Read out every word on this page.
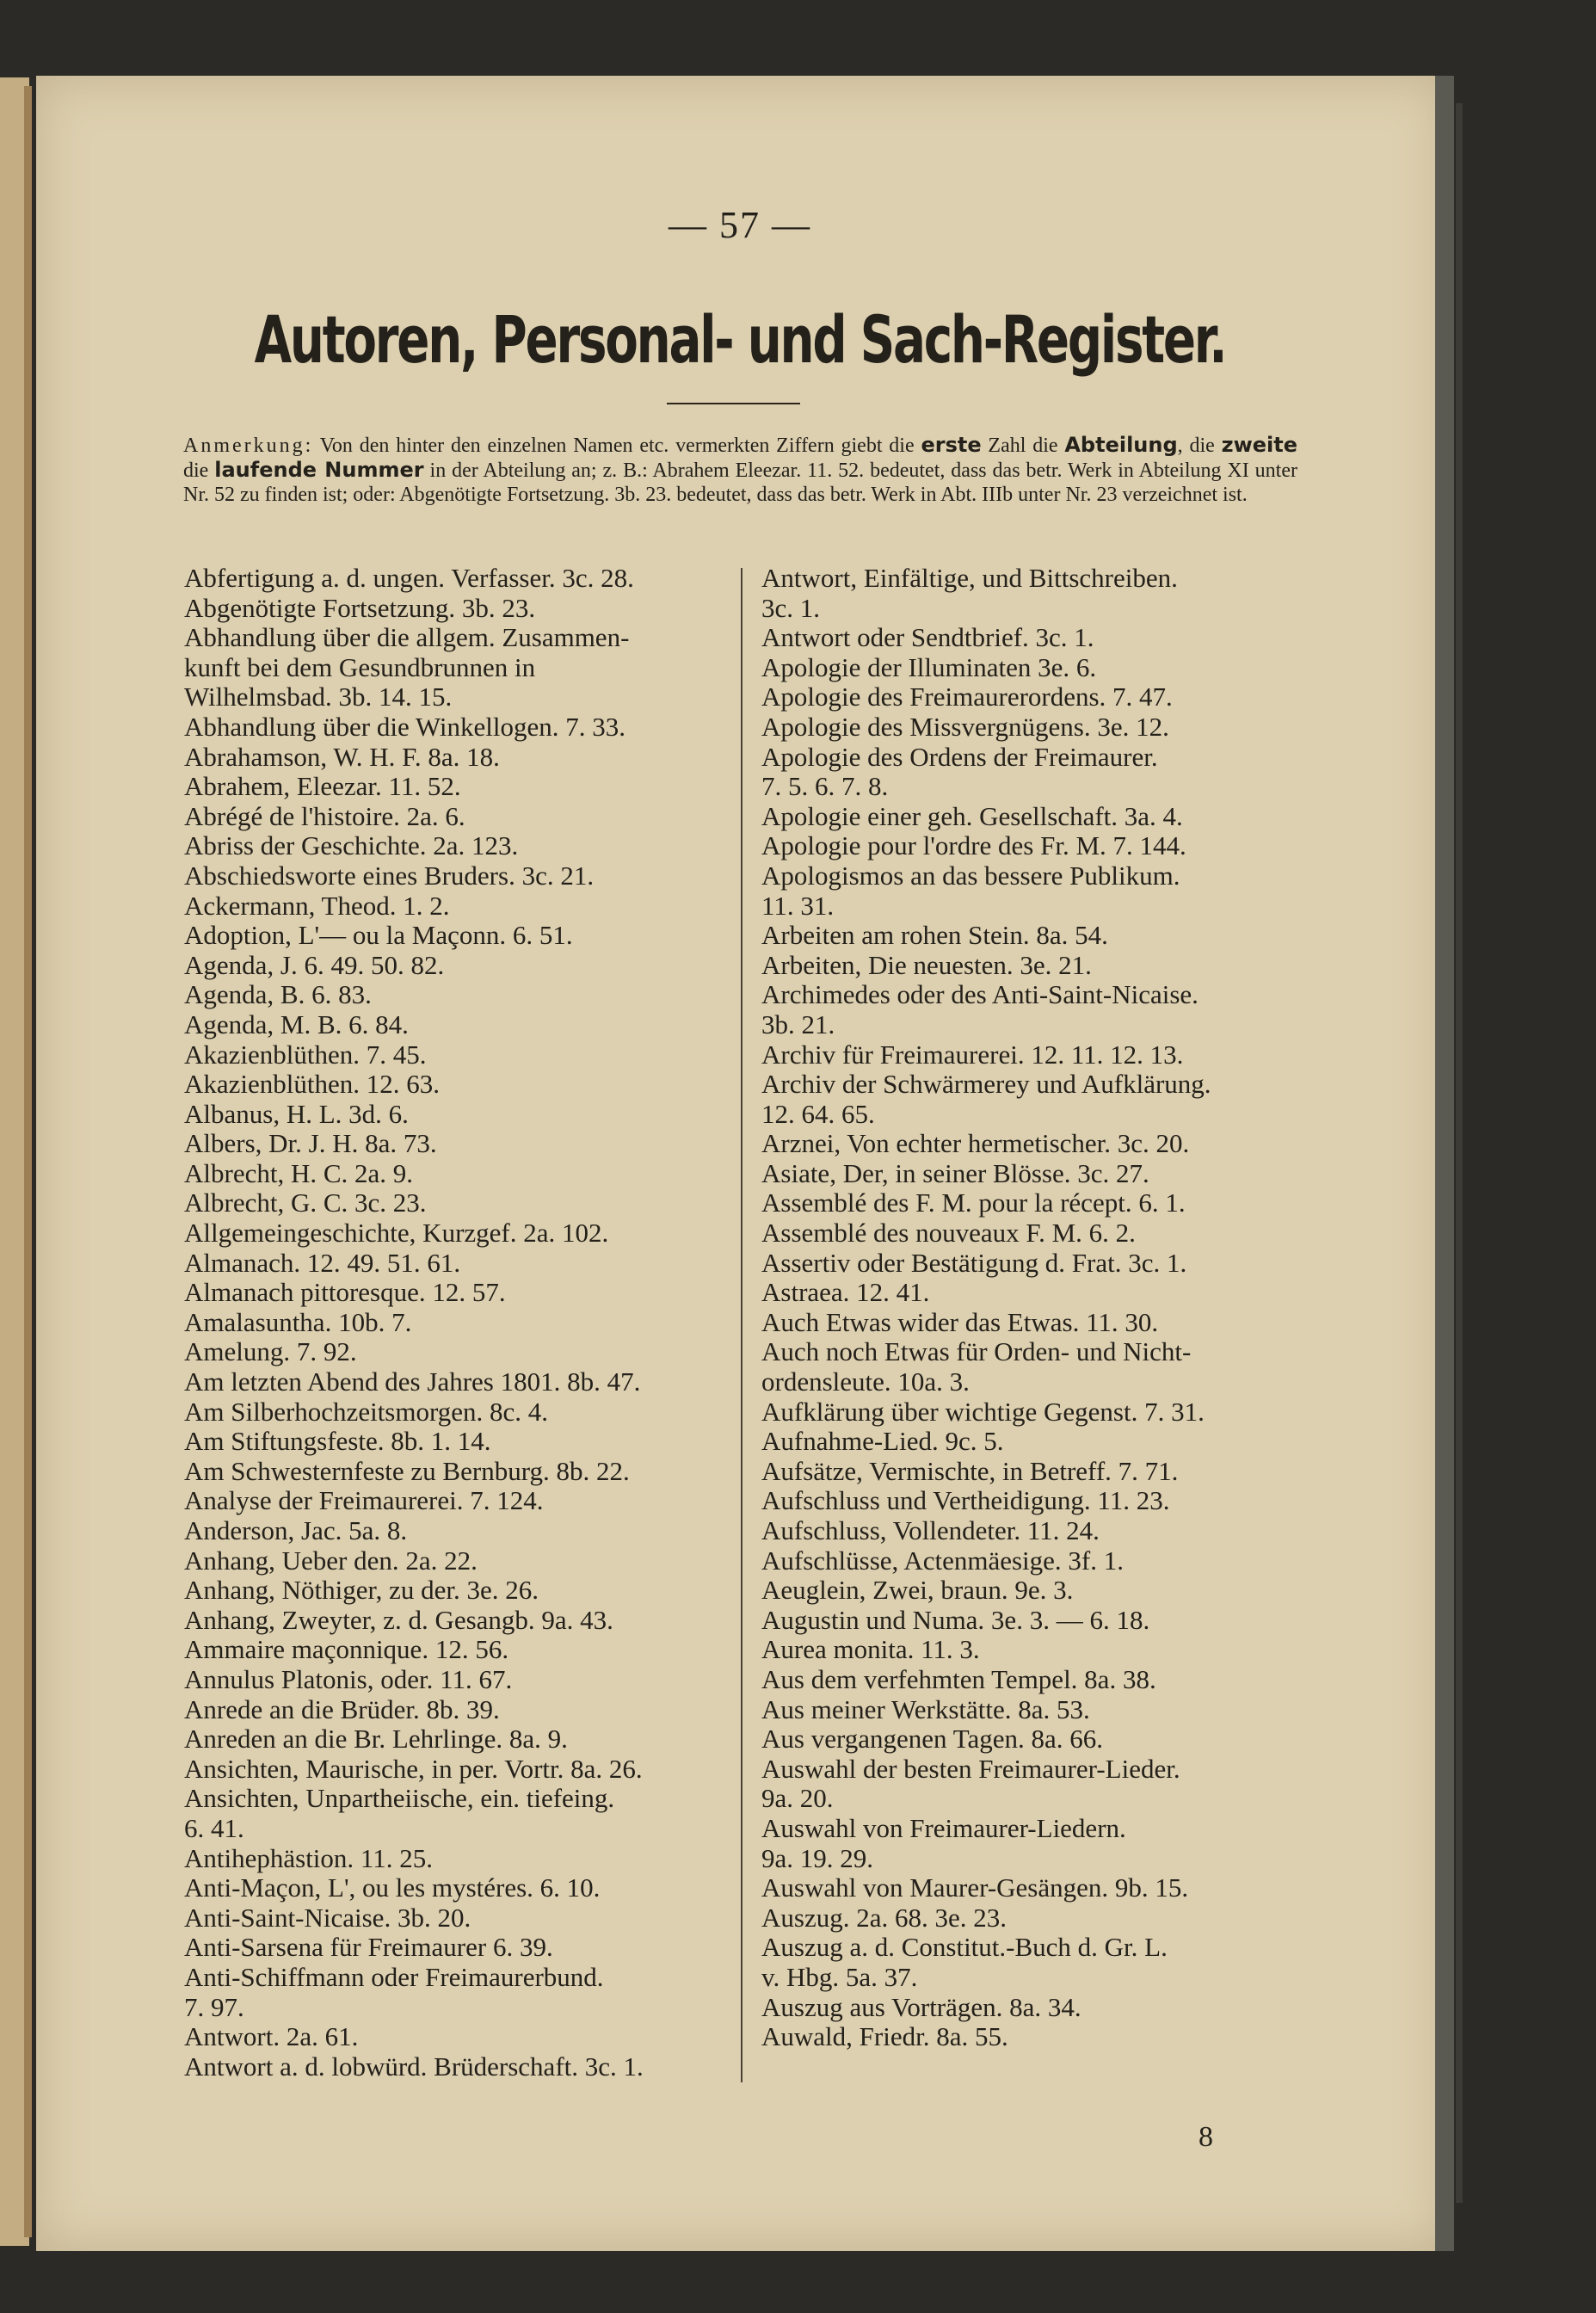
— 57 —
Autoren, Personal- und Sach-Register.
Anmerkung: Von den hinter den einzelnen Namen etc. vermerkten Ziffern giebt die erste Zahl die Abteilung, die zweite die laufende Nummer in der Abteilung an; z. B.: Abrahem Eleezar. 11. 52. bedeutet, dass das betr. Werk in Abteilung XI unter Nr. 52 zu finden ist; oder: Abgenötigte Fortsetzung. 3b. 23. bedeutet, dass das betr. Werk in Abt. IIIb unter Nr. 23 verzeichnet ist.
Abfertigung a. d. ungen. Verfasser. 3c. 28.
Abgenötigte Fortsetzung. 3b. 23.
Abhandlung über die allgem. Zusammen-
kunft bei dem Gesundbrunnen in
Wilhelmsbad. 3b. 14. 15.
Abhandlung über die Winkellogen. 7. 33.
Abrahamson, W. H. F. 8a. 18.
Abrahem, Eleezar. 11. 52.
Abrégé de l'histoire. 2a. 6.
Abriss der Geschichte. 2a. 123.
Abschiedsworte eines Bruders. 3c. 21.
Ackermann, Theod. 1. 2.
Adoption, L'— ou la Maçonn. 6. 51.
Agenda, J. 6. 49. 50. 82.
Agenda, B. 6. 83.
Agenda, M. B. 6. 84.
Akazienblüthen. 7. 45.
Akazienblüthen. 12. 63.
Albanus, H. L. 3d. 6.
Albers, Dr. J. H. 8a. 73.
Albrecht, H. C. 2a. 9.
Albrecht, G. C. 3c. 23.
Allgemeingeschichte, Kurzgef. 2a. 102.
Almanach. 12. 49. 51. 61.
Almanach pittoresque. 12. 57.
Amalasuntha. 10b. 7.
Amelung. 7. 92.
Am letzten Abend des Jahres 1801. 8b. 47.
Am Silberhochzeitsmorgen. 8c. 4.
Am Stiftungsfeste. 8b. 1. 14.
Am Schwesternfeste zu Bernburg. 8b. 22.
Analyse der Freimaurerei. 7. 124.
Anderson, Jac. 5a. 8.
Anhang, Ueber den. 2a. 22.
Anhang, Nöthiger, zu der. 3e. 26.
Anhang, Zweyter, z. d. Gesangb. 9a. 43.
Ammaire maçonnique. 12. 56.
Annulus Platonis, oder. 11. 67.
Anrede an die Brüder. 8b. 39.
Anreden an die Br. Lehrlinge. 8a. 9.
Ansichten, Maurische, in per. Vortr. 8a. 26.
Ansichten, Unpartheiische, ein. tiefeing.
6. 41.
Antihephästion. 11. 25.
Anti-Maçon, L', ou les mystéres. 6. 10.
Anti-Saint-Nicaise. 3b. 20.
Anti-Sarsena für Freimaurer 6. 39.
Anti-Schiffmann oder Freimaurerbund.
7. 97.
Antwort. 2a. 61.
Antwort a. d. lobwürd. Brüderschaft. 3c. 1.
Antwort, Einfältige, und Bittschreiben.
3c. 1.
Antwort oder Sendtbrief. 3c. 1.
Apologie der Illuminaten 3e. 6.
Apologie des Freimaurerordens. 7. 47.
Apologie des Missvergnügens. 3e. 12.
Apologie des Ordens der Freimaurer.
7. 5. 6. 7. 8.
Apologie einer geh. Gesellschaft. 3a. 4.
Apologie pour l'ordre des Fr. M. 7. 144.
Apologismos an das bessere Publikum.
11. 31.
Arbeiten am rohen Stein. 8a. 54.
Arbeiten, Die neuesten. 3e. 21.
Archimedes oder des Anti-Saint-Nicaise.
3b. 21.
Archiv für Freimaurerei. 12. 11. 12. 13.
Archiv der Schwärmerey und Aufklärung.
12. 64. 65.
Arznei, Von echter hermetischer. 3c. 20.
Asiate, Der, in seiner Blösse. 3c. 27.
Assemblé des F. M. pour la récept. 6. 1.
Assemblé des nouveaux F. M. 6. 2.
Assertiv oder Bestätigung d. Frat. 3c. 1.
Astraea. 12. 41.
Auch Etwas wider das Etwas. 11. 30.
Auch noch Etwas für Orden- und Nicht-
ordensleute. 10a. 3.
Aufklärung über wichtige Gegenst. 7. 31.
Aufnahme-Lied. 9c. 5.
Aufsätze, Vermischte, in Betreff. 7. 71.
Aufschluss und Vertheidigung. 11. 23.
Aufschluss, Vollendeter. 11. 24.
Aufschlüsse, Actenmäesige. 3f. 1.
Aeuglein, Zwei, braun. 9e. 3.
Augustin und Numa. 3e. 3. — 6. 18.
Aurea monita. 11. 3.
Aus dem verfehmten Tempel. 8a. 38.
Aus meiner Werkstätte. 8a. 53.
Aus vergangenen Tagen. 8a. 66.
Auswahl der besten Freimaurer-Lieder.
9a. 20.
Auswahl von Freimaurer-Liedern.
9a. 19. 29.
Auswahl von Maurer-Gesängen. 9b. 15.
Auszug. 2a. 68. 3e. 23.
Auszug a. d. Constitut.-Buch d. Gr. L.
v. Hbg. 5a. 37.
Auszug aus Vorträgen. 8a. 34.
Auwald, Friedr. 8a. 55.
8
